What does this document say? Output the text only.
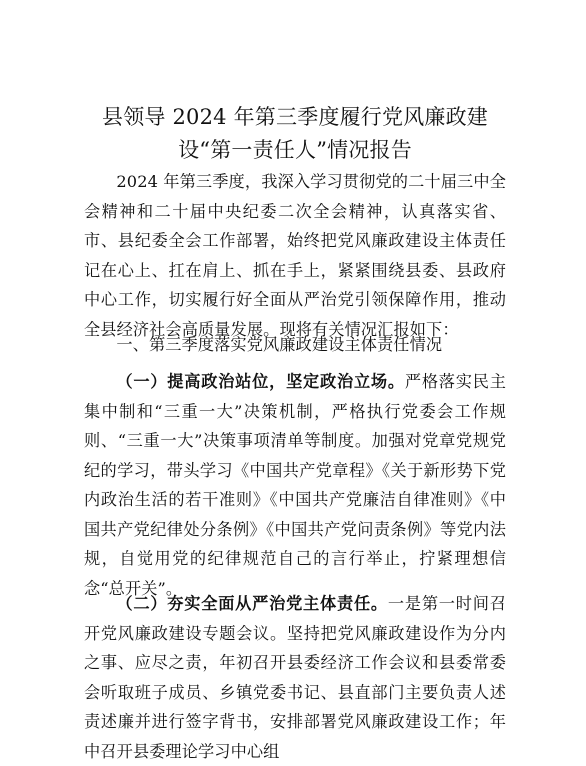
县领导 2024 年第三季度履行党风廉政建设“第一责任人”情况报告

2024 年第三季度，我深入学习贯彻党的二十届三中全会精神和二十届中央纪委二次全会精神，认真落实省、市、县纪委全会工作部署，始终把党风廉政建设主体责任记在心上、扛在肩上、抓在手上，紧紧围绕县委、县政府中心工作，切实履行好全面从严治党引领保障作用，推动全县经济社会高质量发展。现将有关情况汇报如下：

一、第三季度落实党风廉政建设主体责任情况

（一）提高政治站位，坚定政治立场。严格落实民主集中制和“三重一大”决策机制，严格执行党委会工作规则、“三重一大”决策事项清单等制度。加强对党章党规党纪的学习，带头学习《中国共产党章程》《关于新形势下党内政治生活的若干准则》《中国共产党廉洁自律准则》《中国共产党纪律处分条例》《中国共产党问责条例》等党内法规，自觉用党的纪律规范自己的言行举止，拧紧理想信念“总开关”。

（二）夯实全面从严治党主体责任。一是第一时间召开党风廉政建设专题会议。坚持把党风廉政建设作为分内之事、应尽之责，年初召开县委经济工作会议和县委常委会听取班子成员、乡镇党委书记、县直部门主要负责人述责述廉并进行签字背书，安排部署党风廉政建设工作；年中召开县委理论学习中心组
